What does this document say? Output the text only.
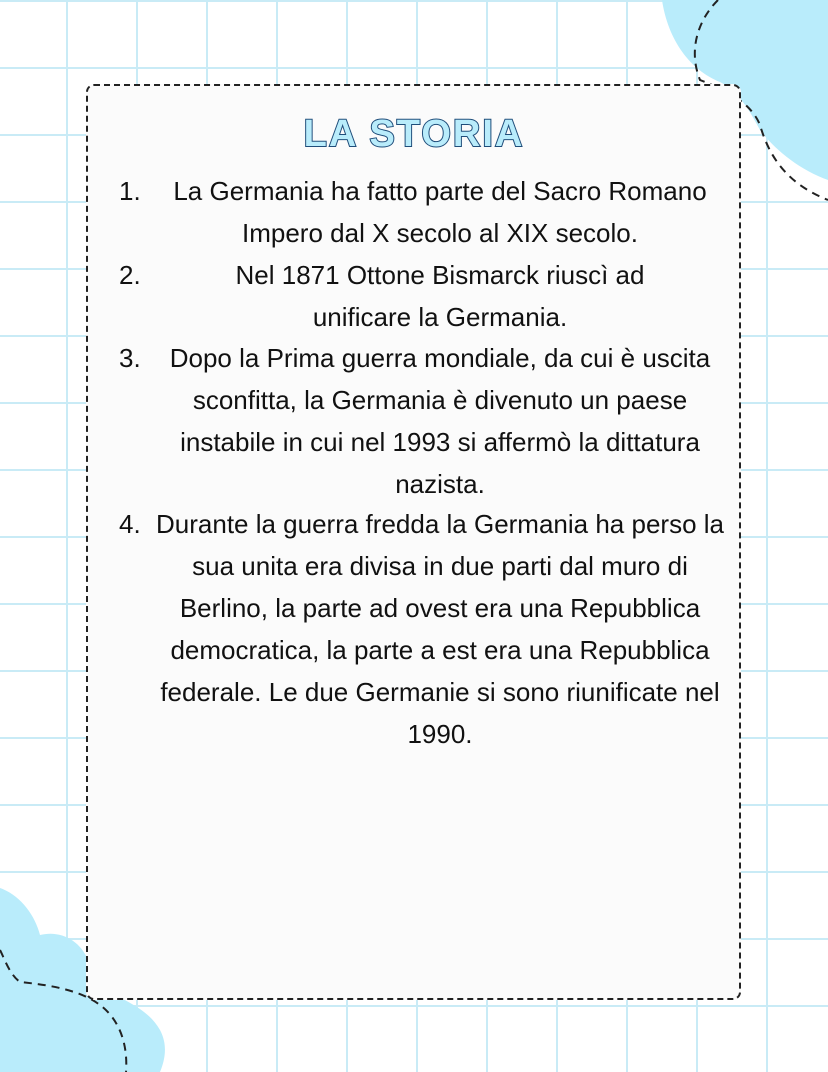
LA STORIA
1.	La Germania ha fatto parte del Sacro Romano Impero dal X secolo al XIX secolo.
2.	Nel 1871 Ottone Bismarck riuscì ad unificare la Germania.
3.	Dopo la Prima guerra mondiale, da cui è uscita sconfitta, la Germania è divenuto un paese instabile in cui nel 1993 si affermò la dittatura nazista.
4. Durante la guerra fredda la Germania ha perso la sua unita era divisa in due parti dal muro di Berlino, la parte ad ovest era una Repubblica democratica, la parte a est era una Repubblica federale. Le due Germanie si sono riunificate nel 1990.
